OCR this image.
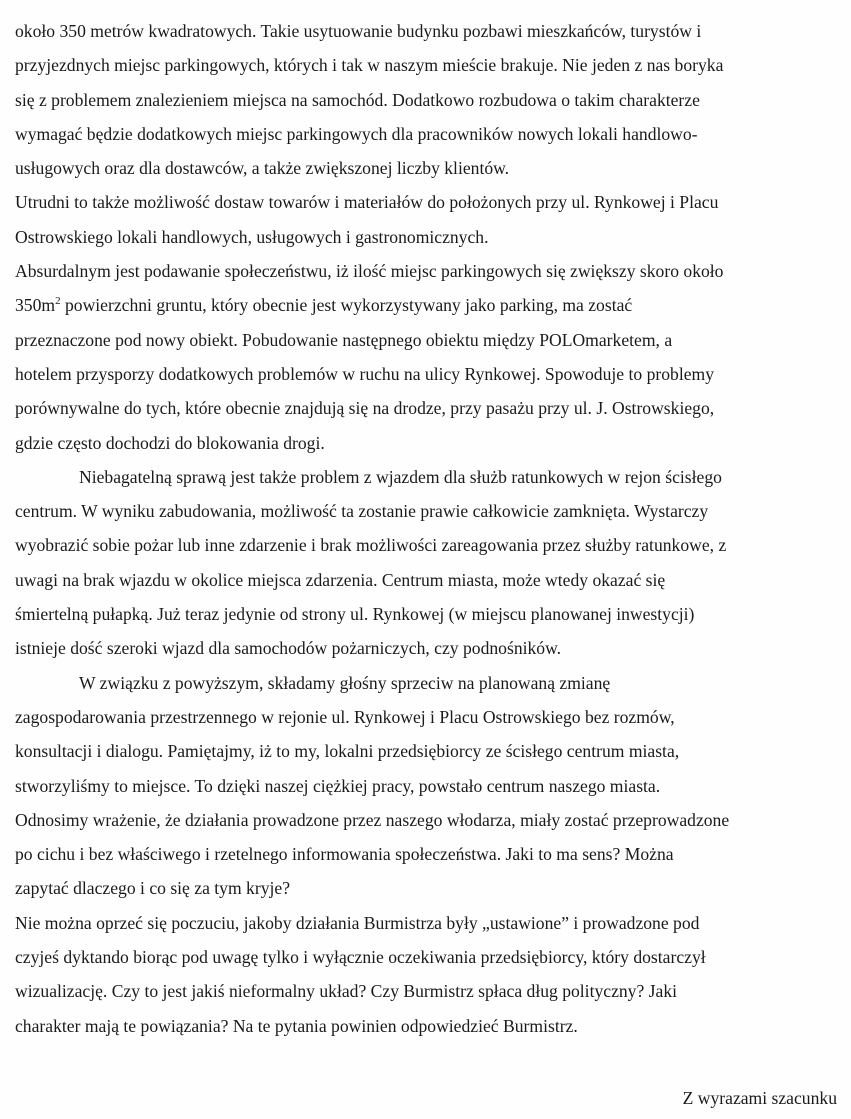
około 350 metrów kwadratowych. Takie usytuowanie budynku pozbawi mieszkańców, turystów i
przyjezdnych miejsc parkingowych, których i tak w naszym mieście brakuje. Nie jeden z nas boryka
się z problemem znalezieniem miejsca na samochód. Dodatkowo rozbudowa o takim charakterze
wymagać będzie dodatkowych miejsc parkingowych dla pracowników nowych lokali handlowo-
usługowych oraz dla dostawców, a także zwiększonej liczby klientów.
Utrudni to także możliwość dostaw towarów i materiałów do położonych przy ul. Rynkowej i Placu
Ostrowskiego lokali handlowych, usługowych i gastronomicznych.
Absurdalnym jest podawanie społeczeństwu, iż ilość miejsc parkingowych się zwiększy skoro około
$350m^2$ powierzchni gruntu, który obecnie jest wykorzystywany jako parking, ma zostać
przeznaczone pod nowy obiekt. Pobudowanie następnego obiektu między POLOmarketem, a
hotelem przysporzy dodatkowych problemów w ruchu na ulicy Rynkowej. Spowoduje to problemy
porównywalne do tych, które obecnie znajdują się na drodze, przy pasażu przy ul. J. Ostrowskiego,
gdzie często dochodzi do blokowania drogi.
Niebagatelną sprawą jest także problem z wjazdem dla służb ratunkowych w rejon ścisłego
centrum. W wyniku zabudowania, możliwość ta zostanie prawie całkowicie zamknięta. Wystarczy
wyobrazić sobie pożar lub inne zdarzenie i brak możliwości zareagowania przez służby ratunkowe, z
uwagi na brak wjazdu w okolice miejsca zdarzenia. Centrum miasta, może wtedy okazać się
śmiertelną pułapką. Już teraz jedynie od strony ul. Rynkowej (w miejscu planowanej inwestycji)
istnieje dość szeroki wjazd dla samochodów pożarniczych, czy podnośników.
W związku z powyższym, składamy głośny sprzeciw na planowaną zmianę
zagospodarowania przestrzennego w rejonie ul. Rynkowej i Placu Ostrowskiego bez rozmów,
konsultacji i dialogu. Pamiętajmy, iż to my, lokalni przedsiębiorcy ze ścisłego centrum miasta,
stworzyliśmy to miejsce. To dzięki naszej ciężkiej pracy, powstało centrum naszego miasta.
Odnosimy wrażenie, że działania prowadzone przez naszego włodarza, miały zostać przeprowadzone
po cichu i bez właściwego i rzetelnego informowania społeczeństwa. Jaki to ma sens? Można
zapytać dlaczego i co się za tym kryje?
Nie można oprzeć się poczuciu, jakoby działania Burmistrza były „ustawione” i prowadzone pod
czyjeś dyktando biorąc pod uwagę tylko i wyłącznie oczekiwania przedsiębiorcy, który dostarczył
wizualizację. Czy to jest jakiś nieformalny układ? Czy Burmistrz spłaca dług polityczny? Jaki
charakter mają te powiązania? Na te pytania powinien odpowiedzieć Burmistrz.
Z wyrazami szacunku
